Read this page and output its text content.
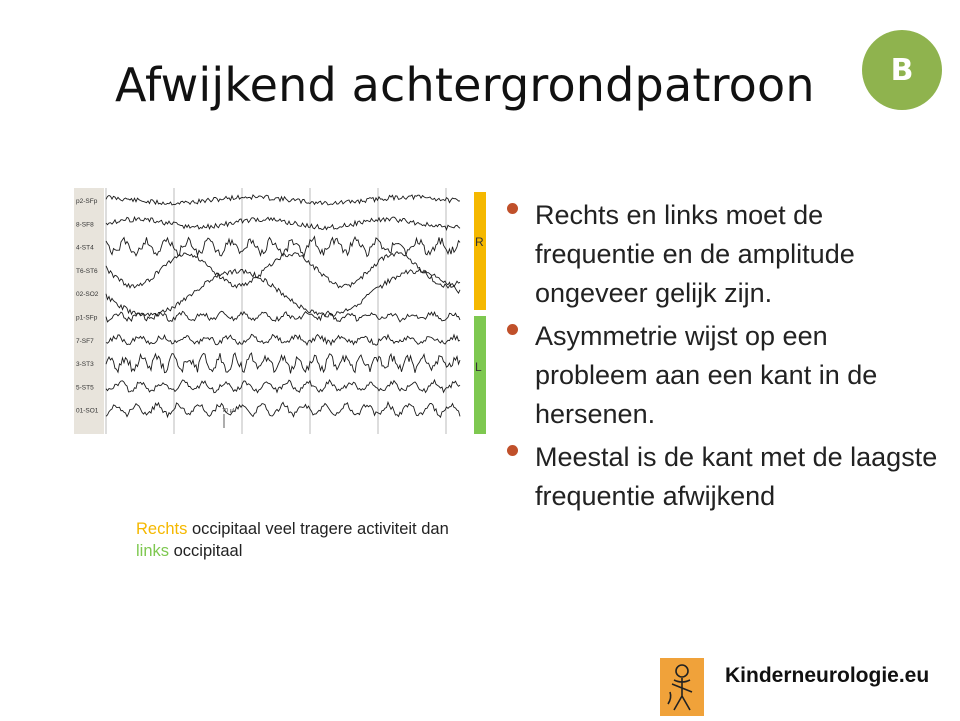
Afwijkend achtergrondpatroon	B
p2-SFp
8-SF8
4-ST4
T6-ST6
02-SO2
p1-SFp
7-SF7
3-ST3
5-ST5
01-SO1	70 µV
R
L
Rechts occipitaal veel tragere activiteit dan links occipitaal
Rechts en links moet de frequentie en de amplitude ongeveer gelijk zijn.
Asymmetrie wijst op een probleem aan een kant in de hersenen.
Meestal is de kant met de laagste frequentie afwijkend
Kinderneurologie.eu
